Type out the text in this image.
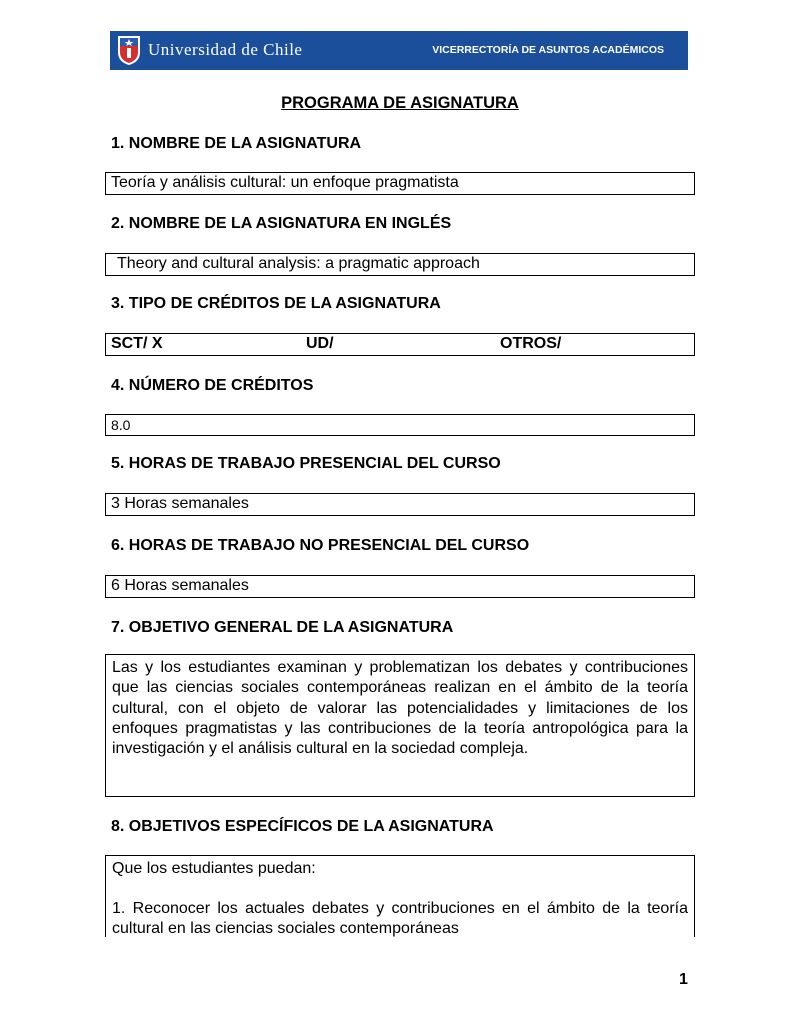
Universidad de Chile	VICERRECTORÍA DE ASUNTOS ACADÉMICOS
PROGRAMA DE ASIGNATURA
1. NOMBRE DE LA ASIGNATURA
Teoría y análisis cultural: un enfoque pragmatista
2. NOMBRE DE LA ASIGNATURA EN INGLÉS
Theory and cultural analysis: a pragmatic approach
3. TIPO DE CRÉDITOS DE LA ASIGNATURA
SCT/ X	UD/	OTROS/
4. NÚMERO DE CRÉDITOS
8.0
5. HORAS DE TRABAJO PRESENCIAL DEL CURSO
3 Horas semanales
6. HORAS DE TRABAJO NO PRESENCIAL DEL CURSO
6 Horas semanales
7. OBJETIVO GENERAL DE LA ASIGNATURA
Las y los estudiantes examinan y problematizan los debates y contribuciones que las ciencias sociales contemporáneas realizan en el ámbito de la teoría cultural, con el objeto de valorar las potencialidades y limitaciones de los enfoques pragmatistas y las contribuciones de la teoría antropológica para la investigación y el análisis cultural en la sociedad compleja.
8. OBJETIVOS ESPECÍFICOS DE LA ASIGNATURA
Que los estudiantes puedan:
1. Reconocer los actuales debates y contribuciones en el ámbito de la teoría cultural en las ciencias sociales contemporáneas
1
